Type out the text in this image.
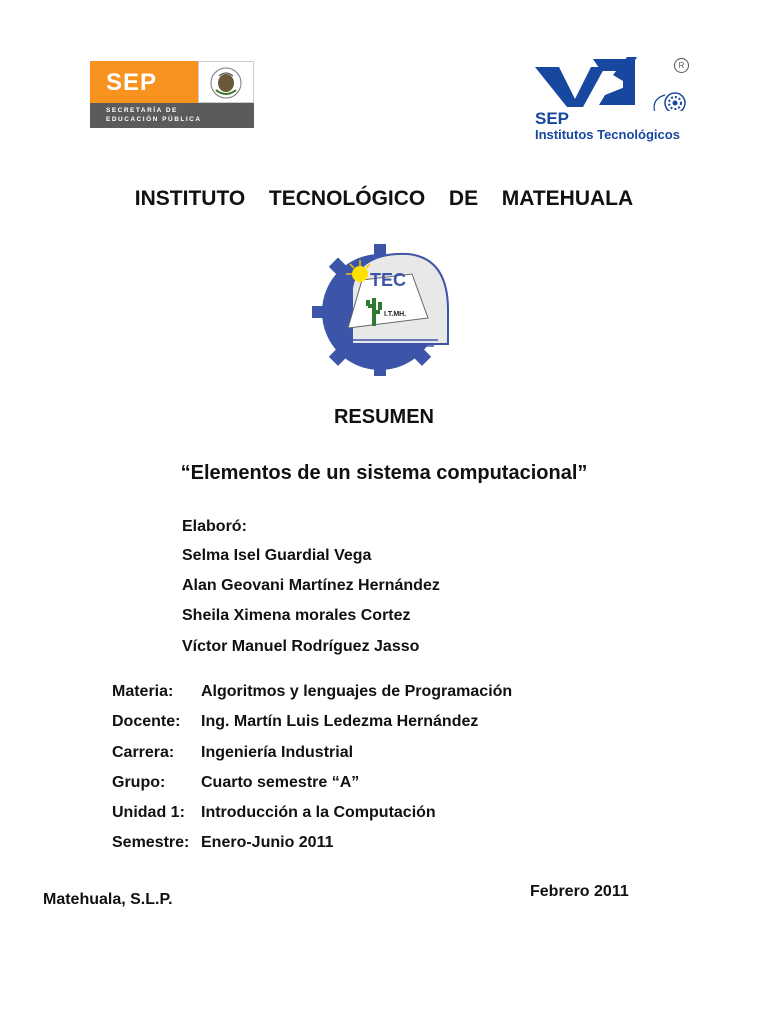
SEP
SECRETARÍA DE
EDUCACIÓN PÚBLICA
R
SEP
Institutos Tecnológicos
INSTITUTO  TECNOLÓGICO  DE  MATEHUALA
TEC
I.T.MH.
RESUMEN
“Elementos de un sistema computacional”
Elaboró:
Selma Isel Guardial Vega
Alan Geovani Martínez Hernández
Sheila Ximena morales Cortez
Víctor Manuel Rodríguez Jasso
Materia: Algoritmos y lenguajes de Programación
Docente: Ing. Martín Luis Ledezma Hernández
Carrera: Ingeniería Industrial
Grupo: Cuarto semestre “A”
Unidad 1: Introducción a la Computación
Semestre: Enero-Junio 2011
Matehuala, S.L.P.	Febrero 2011
